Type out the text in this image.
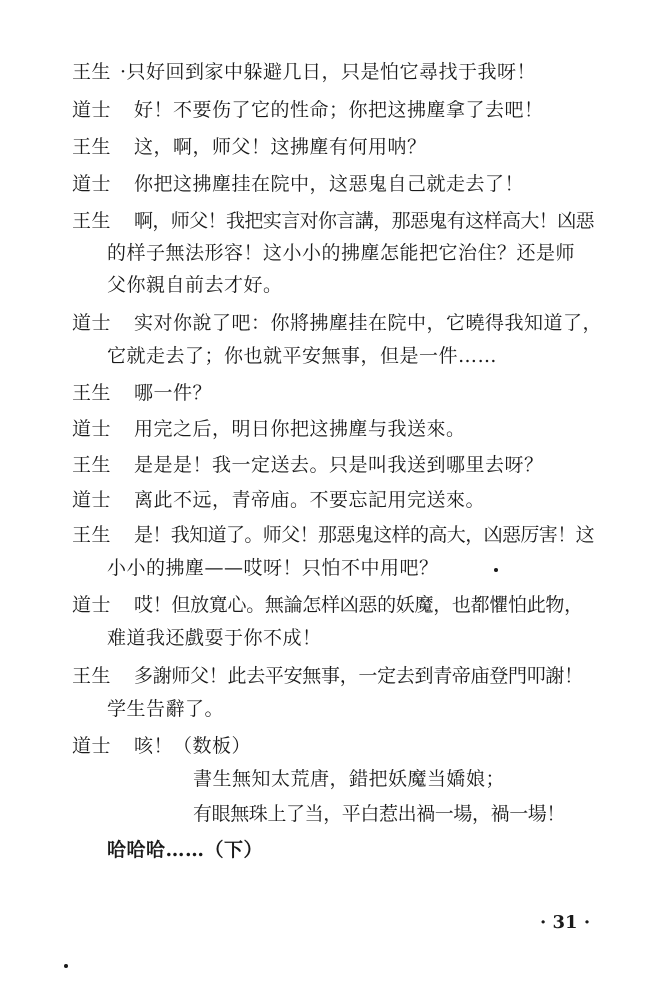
王生 ·只好回到家中躲避几日，只是怕它尋找于我呀！
道士	好！不要伤了它的性命；你把这拂塵拿了去吧！
王生	这，啊，师父！这拂塵有何用呐？
道士	你把这拂塵挂在院中，这惡鬼自己就走去了！
王生	啊，师父！我把实言对你言講，那惡鬼有这样高大！凶惡
的样子無法形容！这小小的拂塵怎能把它治住？还是师
父你親自前去才好。
道士	实对你說了吧：你將拂塵挂在院中，它曉得我知道了，
它就走去了；你也就平安無事，但是一件……
王生	哪一件？
道士	用完之后，明日你把这拂塵与我送來。
王生	是是是！我一定送去。只是叫我送到哪里去呀？
道士	离此不远，青帝庙。不要忘記用完送來。
王生	是！我知道了。师父！那惡鬼这样的高大，凶惡厉害！这
小小的拂塵——哎呀！只怕不中用吧？
道士	哎！但放寬心。無論怎样凶惡的妖魔，也都懼怕此物，
难道我还戲耍于你不成！
王生	多謝师父！此去平安無事，一定去到青帝庙登門叩謝！
学生告辭了。
道士	咳！（数板）
書生無知太荒唐，錯把妖魔当嬌娘；
有眼無珠上了当，平白惹出禍一場，禍一場！
哈哈哈……（下）
· 31 ·
